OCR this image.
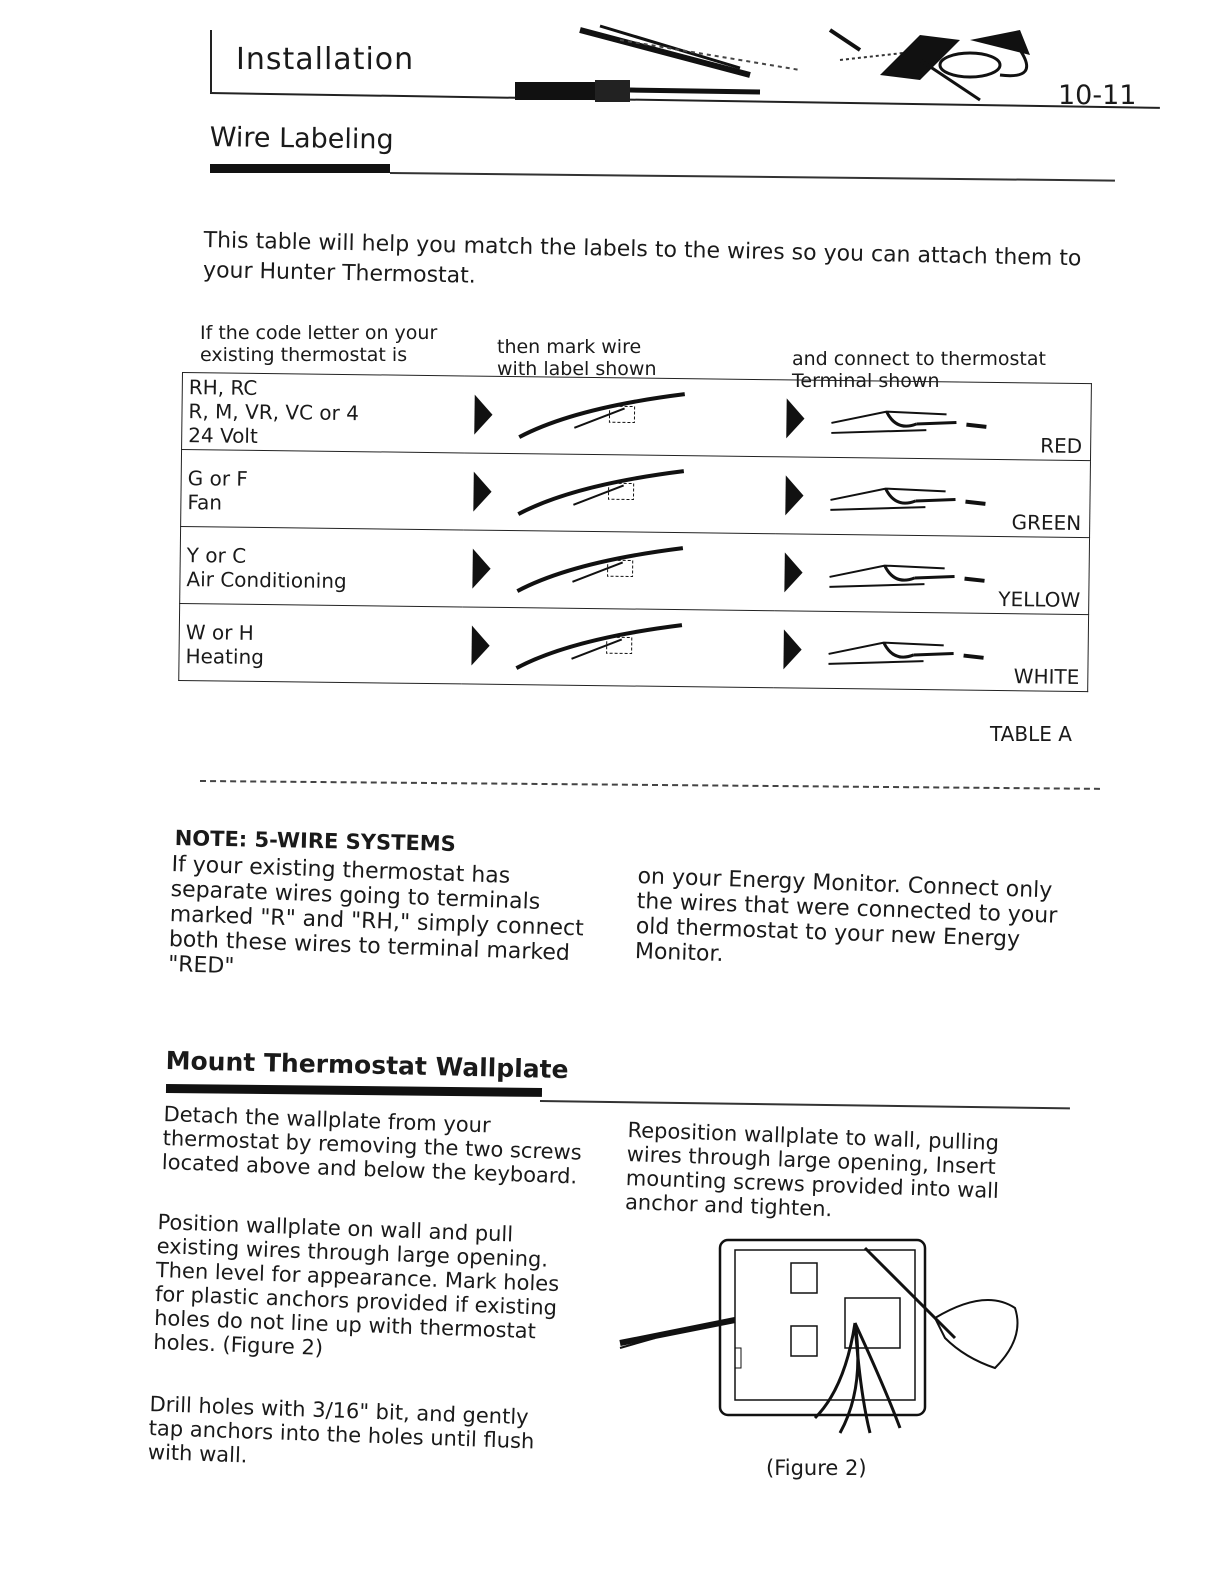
Installation
10-11
Wire Labeling
This table will help you match the labels to the wires so you can attach them to your Hunter Thermostat.
If the code letter on your existing thermostat is	then mark wire with label shown	and connect to thermostat Terminal shown
RH, RC
R, M, VR, VC or 4
24 Volt		RED

G or F
Fan		GREEN

Y or C
Air Conditioning		YELLOW

W or H
Heating		WHITE
TABLE A
NOTE: 5-WIRE SYSTEMS
If your existing thermostat has separate wires going to terminals marked "R" and "RH," simply connect both these wires to terminal marked "RED"
on your Energy Monitor. Connect only the wires that were connected to your old thermostat to your new Energy Monitor.
Mount Thermostat Wallplate
Detach the wallplate from your thermostat by removing the two screws located above and below the keyboard.
Position wallplate on wall and pull existing wires through large opening. Then level for appearance. Mark holes for plastic anchors provided if existing holes do not line up with thermostat holes. (Figure 2)
Drill holes with 3/16" bit, and gently tap anchors into the holes until flush with wall.
Reposition wallplate to wall, pulling wires through large opening, Insert mounting screws provided into wall anchor and tighten.
(Figure 2)
